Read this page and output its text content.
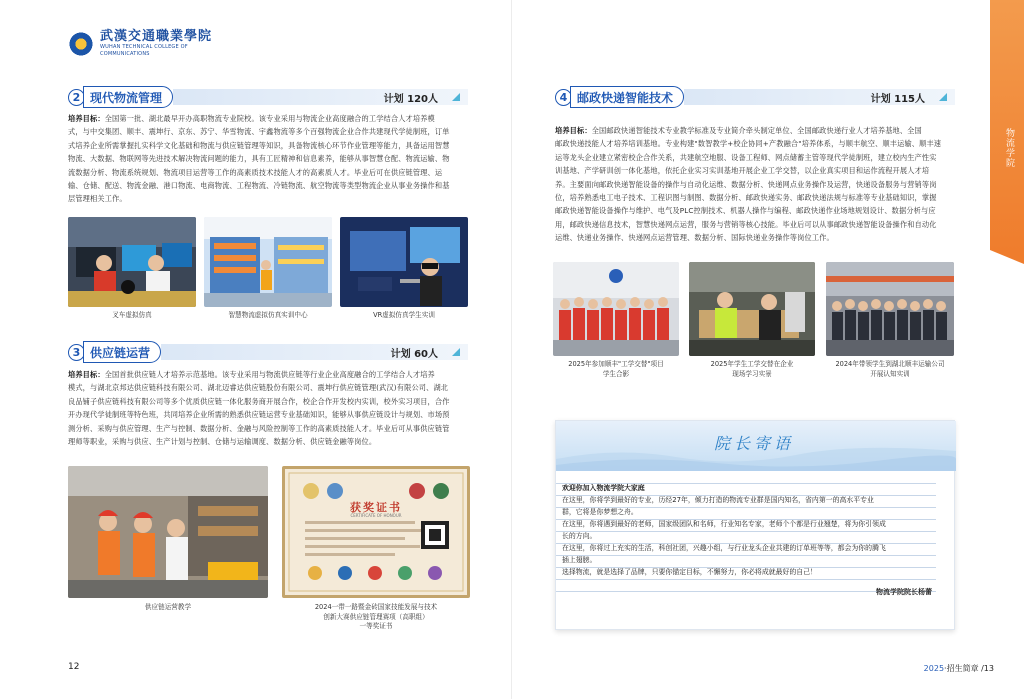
武漢交通職業學院
WUHAN TECHNICAL COLLEGE OF COMMUNICATIONS
2 现代物流管理	计划 120人
培养目标：全国第一批、湖北最早开办高职物流专业院校。该专业采用与物流企业高度融合的工学结合人才培养模
式，与中交集团、顺丰、震坤行、京东、苏宁、华雪物流、宇鑫物流等多个百强物流企业合作共建现代学徒制班，订单
式培养企业所需掌握扎实科学文化基础和物流与供应链管理等知识，具备物流核心环节作业管理等能力，具备运用智慧
物流、大数据、物联网等先进技术解决物流问题的能力，具有工匠精神和信息素养，能够从事智慧仓配、物流运输、物
流数据分析、物流系统规划、物流项目运营等工作的高素质技术技能人才的高素质人才。毕业后可在供应链管理、运
输、仓储、配送、物流金融、港口物流、电商物流、工程物流、冷链物流、航空物流等类型物流企业从事业务操作和基
层管理相关工作。
叉车虚拟仿真	智慧物流虚拟仿真实训中心	VR虚拟仿真学生实训
3 供应链运营	计划 60人
培养目标：全国首批供应链人才培养示范基地。该专业采用与物流供应链等行业企业高度融合的工学结合人才培养
模式，与湖北京邦达供应链科技有限公司、湖北迈睿达供应链股份有限公司、震坤行供应链管理(武汉)有限公司、湖北
良品铺子供应链科技有限公司等多个优质供应链一体化服务商开展合作，校企合作开发校内实训，校外实习项目，合作
开办现代学徒制班等特色班，共同培养企业所需的熟悉供应链运营专业基础知识，能够从事供应链设计与规划、市场预
测分析、采购与供应管理、生产与控制、数据分析、金融与风险控制等工作的高素质技能人才。毕业后可从事供应链管
理师等职业，采购与供应、生产计划与控制、仓储与运输调度、数据分析、供应链金融等岗位。
供应链运营教学
获奖证书
CERTIFICATE OF HONOUR
2024一带一路暨金砖国家技能发展与技术
创新大赛供应链管理赛项（高职组）
一等奖证书
12
物流学院
4 邮政快递智能技术	计划 115人
培养目标：全国邮政快递智能技术专业教学标准及专业简介牵头制定单位、全国邮政快递行业人才培养基地、全国
邮政快递技能人才培养培训基地。专业构建"数智教学+校企协同+产教融合"培养体系，与顺丰航空、顺丰运输、顺丰速
运等龙头企业建立紧密校企合作关系，共建航空地服、设备工程师、网点储蓄主管等现代学徒制班，建立校内生产性实
训基地、产学研训创一体化基地，依托企业实习实训基地开展企业工学交替，以企业真实项目和运作流程开展人才培
养。主要面向邮政快递智能设备的操作与自动化运维、数据分析、快递网点业务操作及运营，快递设备服务与营销等岗
位，培养熟悉电工电子技术、工程识图与制图、数据分析、邮政快递实务、邮政快递法规与标准等专业基础知识，掌握
邮政快递智能设备操作与维护、电气及PLC控制技术、机器人操作与编程、邮政快递作业场地规划设计、数据分析与应
用，邮政快递信息技术，智慧快递网点运营，服务与营销等核心技能。毕业后可以从事邮政快递智能设备操作和自动化
运维、快递业务操作、快递网点运营管理、数据分析、国际快递业务操作等岗位工作。
2025年参加顺丰"工学交替"项目
学生合影
2025年学生工学交替在企业
现场学习实景
2024年带领学生到湖北顺丰运输公司
开展认知实训
院长寄语
欢迎你加入物流学院大家庭
在这里，你将学到最好的专业，历经27年，倾力打造的物流专业群是国内知名，省内第一的高水平专业
群，它将是你梦想之舟。
在这里，你将遇到最好的老师，国家级团队和名师，行业知名专家，老师个个都是行业翘楚，将为你引领成
长的方向。
在这里，你将过上充实的生活，科创社团，兴趣小组，与行业龙头企业共建的订单班等等，都会为你的腾飞
插上翅膀。
选择物流，就是选择了品牌，只要你锚定目标，不懈努力，你必将成就最好的自己！
物流学院院长杨蕾
2025·招生简章 /13
